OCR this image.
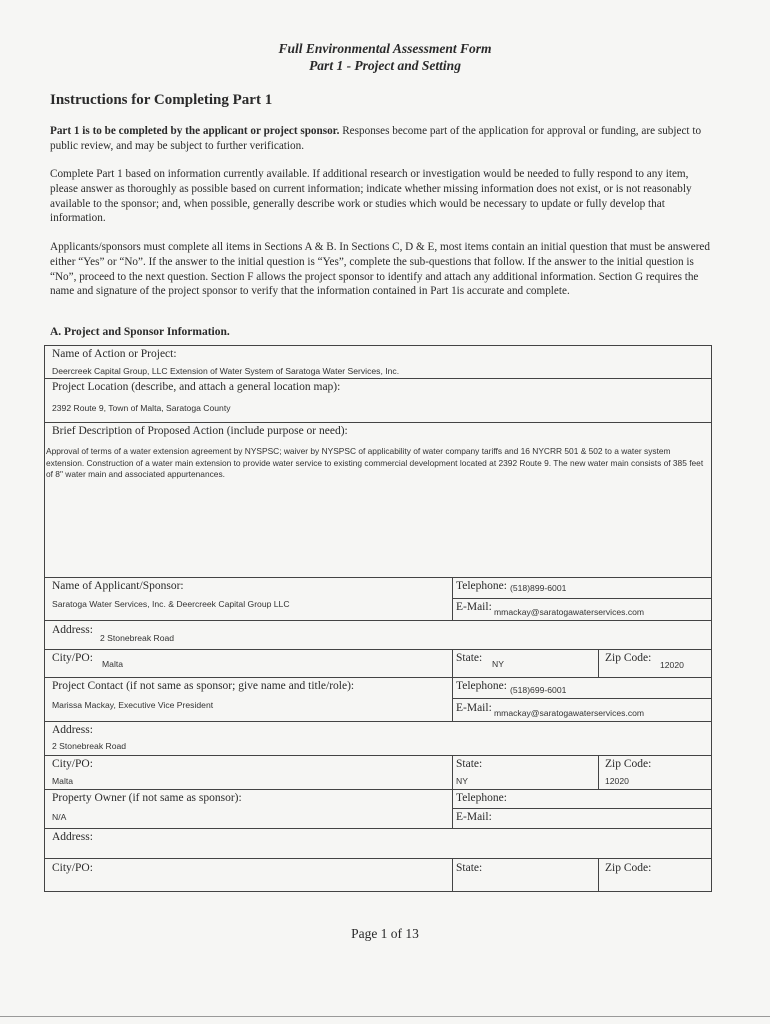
Full Environmental Assessment Form
Part 1 - Project and Setting
Instructions for Completing Part 1

Part 1 is to be completed by the applicant or project sponsor. Responses become part of the application for approval or funding, are subject to public review, and may be subject to further verification.

Complete Part 1 based on information currently available. If additional research or investigation would be needed to fully respond to any item, please answer as thoroughly as possible based on current information; indicate whether missing information does not exist, or is not reasonably available to the sponsor; and, when possible, generally describe work or studies which would be necessary to update or fully develop that information.

Applicants/sponsors must complete all items in Sections A & B. In Sections C, D & E, most items contain an initial question that must be answered either “Yes” or “No”. If the answer to the initial question is “Yes”, complete the sub-questions that follow. If the answer to the initial question is “No”, proceed to the next question. Section F allows the project sponsor to identify and attach any additional information. Section G requires the name and signature of the project sponsor to verify that the information contained in Part 1is accurate and complete.

A. Project and Sponsor Information.
Name of Action or Project:
Deercreek Capital Group, LLC Extension of Water System of Saratoga Water Services, Inc.
Project Location (describe, and attach a general location map):
2392 Route 9, Town of Malta, Saratoga County
Brief Description of Proposed Action (include purpose or need):
Approval of terms of a water extension agreement by NYSPSC; waiver by NYSPSC of applicability of water company tariffs and 16 NYCRR 501 & 502 to a water system extension. Construction of a water main extension to provide water service to existing commercial development located at 2392 Route 9. The new water main consists of 385 feet of 8" water main and associated appurtenances.
Name of Applicant/Sponsor:
Saratoga Water Services, Inc. & Deercreek Capital Group LLC
Telephone: (518)899-6001
E-Mail: mmackay@saratogawaterservices.com
Address:
2 Stonebreak Road
City/PO: Malta	State: NY	Zip Code:
12020
Project Contact (if not same as sponsor; give name and title/role):
Marissa Mackay, Executive Vice President
Telephone: (518)699-6001
E-Mail: mmackay@saratogawaterservices.com
Address:
2 Stonebreak Road
City/PO:
Malta
State:
NY
Zip Code:
12020
Property Owner (if not same as sponsor):
N/A
Telephone:
E-Mail:
Address:
City/PO:	State:	Zip Code:
Page 1 of 13
